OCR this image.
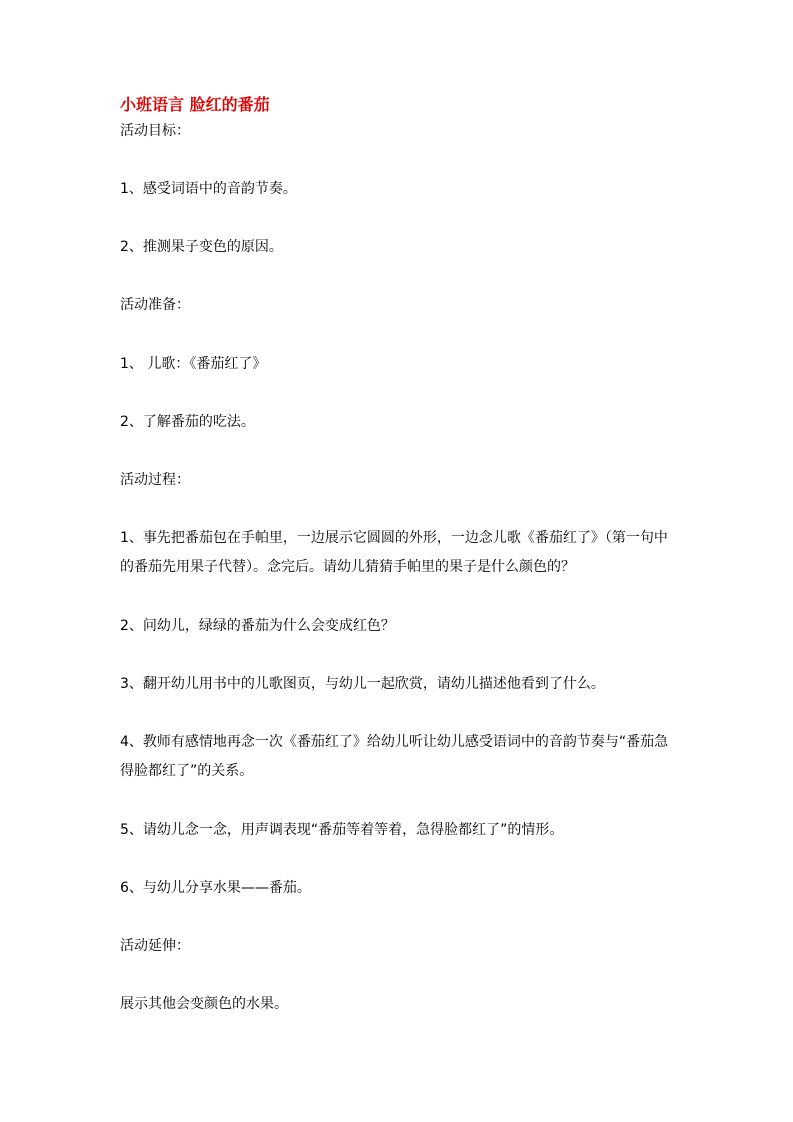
小班语言 脸红的番茄
活动目标：
1、感受词语中的音韵节奏。
2、推测果子变色的原因。
活动准备：
1、 儿歌：《番茄红了》
2、了解番茄的吃法。
活动过程：
1、事先把番茄包在手帕里，一边展示它圆圆的外形，一边念儿歌《番茄红了》（第一句中的番茄先用果子代替）。念完后。请幼儿猜猜手帕里的果子是什么颜色的？
2、问幼儿，绿绿的番茄为什么会变成红色？
3、翻开幼儿用书中的儿歌图页，与幼儿一起欣赏，请幼儿描述他看到了什么。
4、教师有感情地再念一次《番茄红了》给幼儿听让幼儿感受语词中的音韵节奏与“番茄急得脸都红了”的关系。
5、请幼儿念一念，用声调表现“番茄等着等着，急得脸都红了”的情形。
6、与幼儿分享水果——番茄。
活动延伸：
展示其他会变颜色的水果。
